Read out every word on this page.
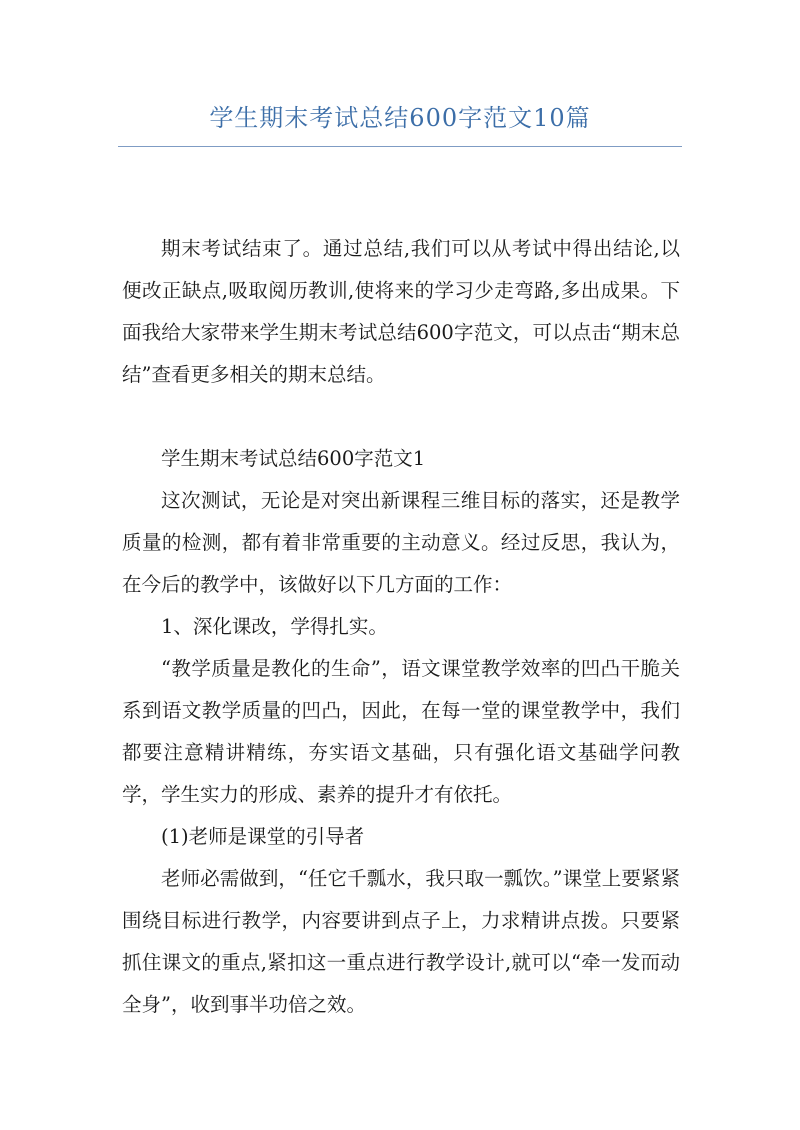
学生期末考试总结600字范文10篇

期末考试结束了。通过总结,我们可以从考试中得出结论,以便改正缺点,吸取阅历教训,使将来的学习少走弯路,多出成果。下面我给大家带来学生期末考试总结600字范文，可以点击“期末总结”查看更多相关的期末总结。

学生期末考试总结600字范文1

这次测试，无论是对突出新课程三维目标的落实，还是教学质量的检测，都有着非常重要的主动意义。经过反思，我认为，在今后的教学中，该做好以下几方面的工作：

1、深化课改，学得扎实。

“教学质量是教化的生命”，语文课堂教学效率的凹凸干脆关系到语文教学质量的凹凸，因此，在每一堂的课堂教学中，我们都要注意精讲精练，夯实语文基础，只有强化语文基础学问教学，学生实力的形成、素养的提升才有依托。

(1)老师是课堂的引导者

老师必需做到，“任它千瓢水，我只取一瓢饮。”课堂上要紧紧围绕目标进行教学，内容要讲到点子上，力求精讲点拨。只要紧抓住课文的重点,紧扣这一重点进行教学设计,就可以“牵一发而动全身”，收到事半功倍之效。
